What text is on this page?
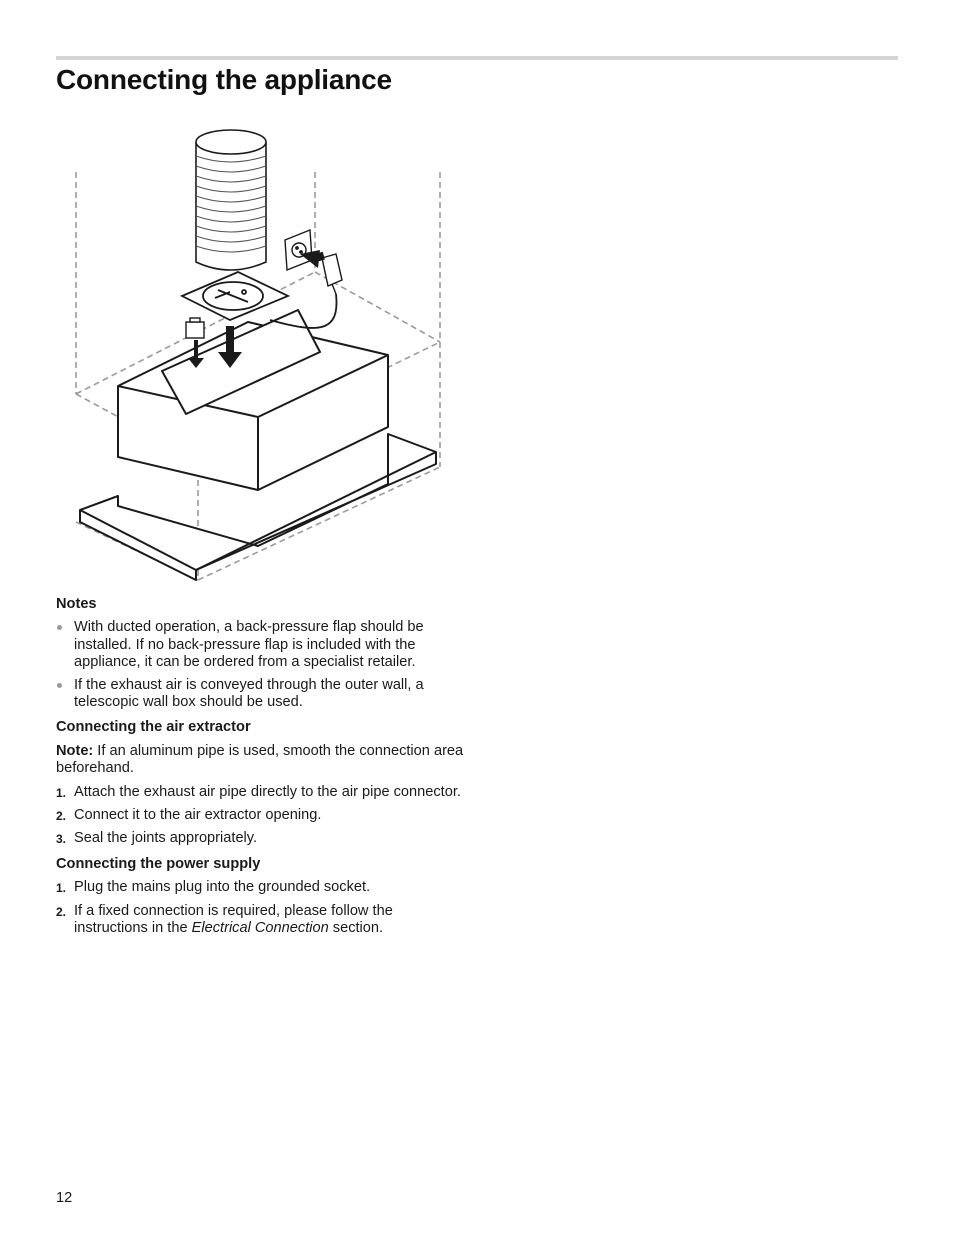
Connecting the appliance
Notes
With ducted operation, a back-pressure flap should be installed. If no back-pressure flap is included with the appliance, it can be ordered from a specialist retailer.
If the exhaust air is conveyed through the outer wall, a telescopic wall box should be used.
Connecting the air extractor

Note: If an aluminum pipe is used, smooth the connection area beforehand.

1. Attach the exhaust air pipe directly to the air pipe connector.
2. Connect it to the air extractor opening.
3. Seal the joints appropriately.
Connecting the power supply
1. Plug the mains plug into the grounded socket.
2. If a fixed connection is required, please follow the instructions in the Electrical Connection section.
12
